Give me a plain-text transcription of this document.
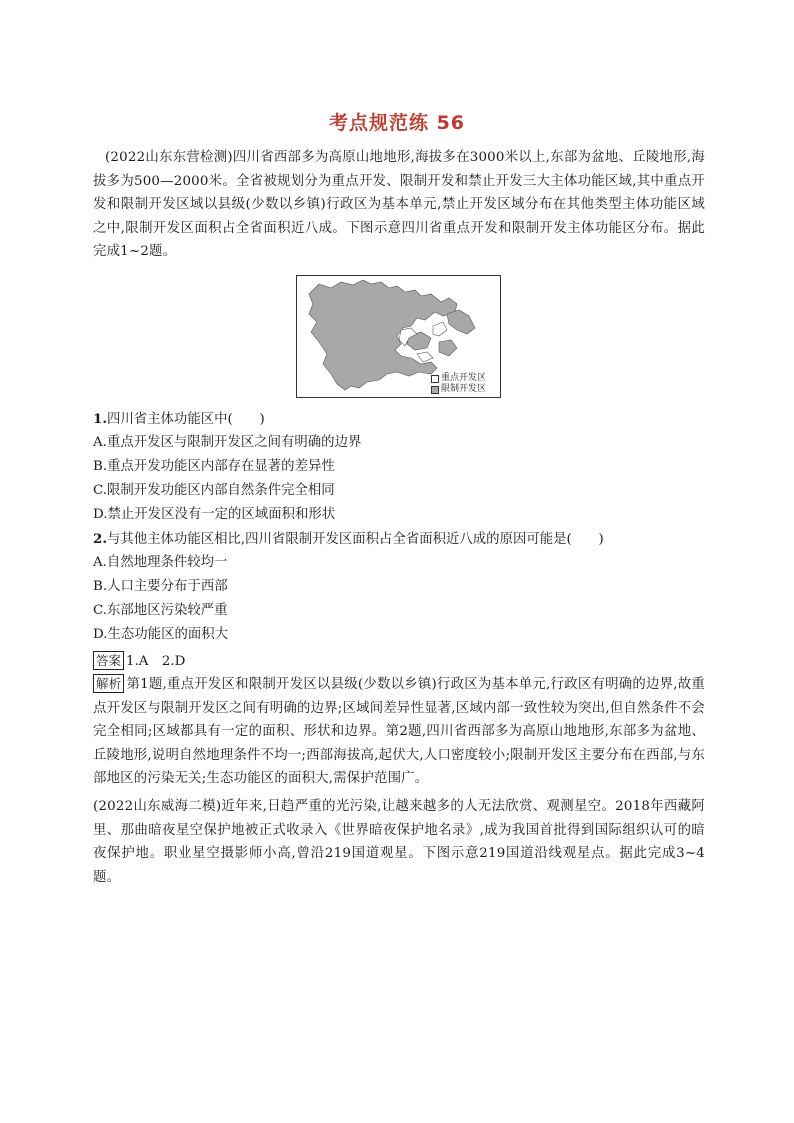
考点规范练 56
(2022山东东营检测)四川省西部多为高原山地地形,海拔多在3000米以上,东部为盆地、丘陵地形,海拔多为500—2000米。全省被规划分为重点开发、限制开发和禁止开发三大主体功能区域,其中重点开发和限制开发区域以县级(少数以乡镇)行政区为基本单元,禁止开发区域分布在其他类型主体功能区域之中,限制开发区面积占全省面积近八成。下图示意四川省重点开发和限制开发主体功能区分布。据此完成1~2题。
重点开发区
限制开发区
1.四川省主体功能区中(　　)
A.重点开发区与限制开发区之间有明确的边界
B.重点开发功能区内部存在显著的差异性
C.限制开发功能区内部自然条件完全相同
D.禁止开发区没有一定的区域面积和形状
2.与其他主体功能区相比,四川省限制开发区面积占全省面积近八成的原因可能是(　　)
A.自然地理条件较均一
B.人口主要分布于西部
C.东部地区污染较严重
D.生态功能区的面积大
答案 1.A　2.D
解析 第1题,重点开发区和限制开发区以县级(少数以乡镇)行政区为基本单元,行政区有明确的边界,故重点开发区与限制开发区之间有明确的边界;区域间差异性显著,区域内部一致性较为突出,但自然条件不会完全相同;区域都具有一定的面积、形状和边界。第2题,四川省西部多为高原山地地形,东部多为盆地、丘陵地形,说明自然地理条件不均一;西部海拔高,起伏大,人口密度较小;限制开发区主要分布在西部,与东部地区的污染无关;生态功能区的面积大,需保护范围广。
(2022山东威海二模)近年来,日趋严重的光污染,让越来越多的人无法欣赏、观测星空。2018年西藏阿里、那曲暗夜星空保护地被正式收录入《世界暗夜保护地名录》,成为我国首批得到国际组织认可的暗夜保护地。职业星空摄影师小高,曾沿219国道观星。下图示意219国道沿线观星点。据此完成3~4题。
